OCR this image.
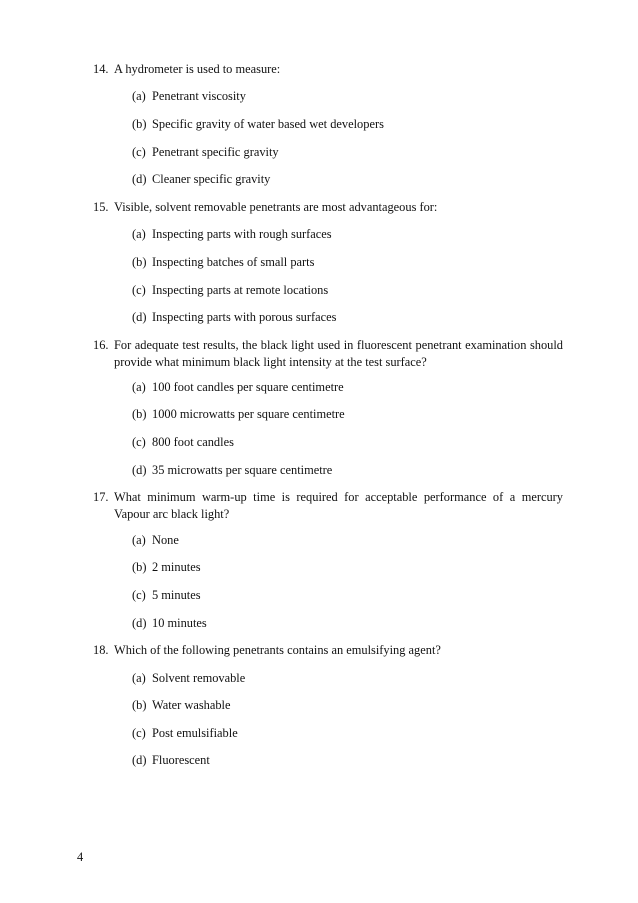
14. A hydrometer is used to measure:
(a) Penetrant viscosity
(b) Specific gravity of water based wet developers
(c) Penetrant specific gravity
(d) Cleaner specific gravity
15. Visible, solvent removable penetrants are most advantageous for:
(a) Inspecting parts with rough surfaces
(b) Inspecting batches of small parts
(c) Inspecting parts at remote locations
(d) Inspecting parts with porous surfaces
16. For adequate test results, the black light used in fluorescent penetrant examination should provide what minimum black light intensity at the test surface?
(a) 100 foot candles per square centimetre
(b) 1000 microwatts per square centimetre
(c) 800 foot candles
(d) 35 microwatts per square centimetre
17. What minimum warm-up time is required for acceptable performance of a mercury Vapour arc black light?
(a) None
(b) 2 minutes
(c) 5 minutes
(d) 10 minutes
18. Which of the following penetrants contains an emulsifying agent?
(a) Solvent removable
(b) Water washable
(c) Post emulsifiable
(d) Fluorescent
4
